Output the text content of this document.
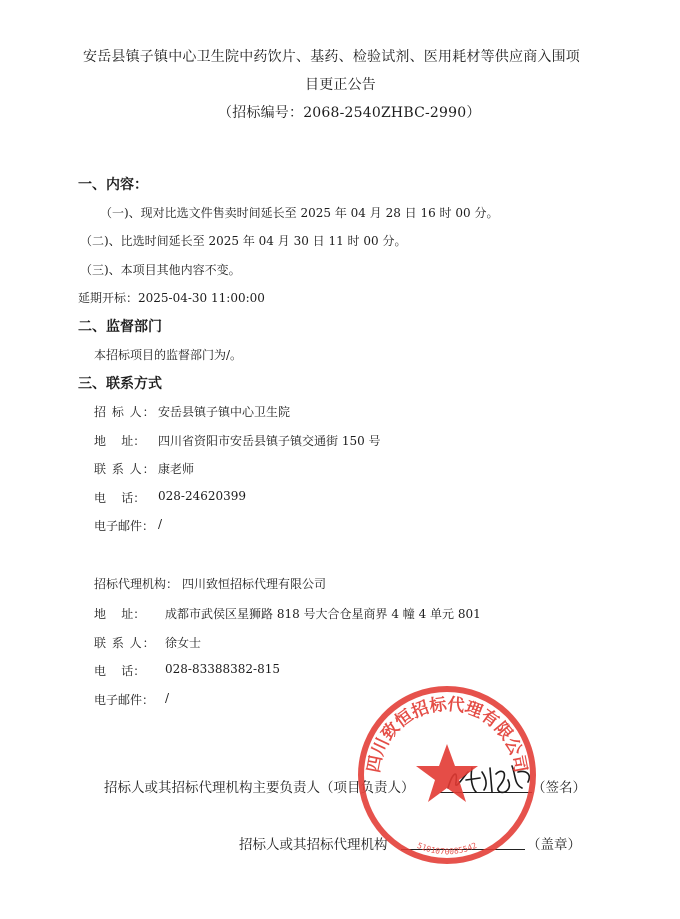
安岳县镇子镇中心卫生院中药饮片、基药、检验试剂、医用耗材等供应商入围项
目更正公告
（招标编号：2068-2540ZHBC-2990）
一、内容：
（一)、现对比选文件售卖时间延长至 2025 年 04 月 28 日 16 时 00 分。
（二)、比选时间延长至 2025 年 04 月 30 日 11 时 00 分。
（三)、本项目其他内容不变。
延期开标：2025-04-30 11:00:00
二、监督部门
本招标项目的监督部门为/。
三、联系方式
招 标 人： 安岳县镇子镇中心卫生院
地    址： 四川省资阳市安岳县镇子镇交通街 150 号
联 系 人： 康老师
电    话： 028-24620399
电子邮件： /
招标代理机构： 四川致恒招标代理有限公司
地    址： 成都市武侯区星狮路 818 号大合仓星商界 4 幢 4 单元 801
联 系 人： 徐女士
电    话： 028-83388382-815
电子邮件： /
招标人或其招标代理机构主要负责人（项目负责人）	（签名）
招标人或其招标代理机构	（盖章）
四川致恒招标代理有限公司
5101070085542
